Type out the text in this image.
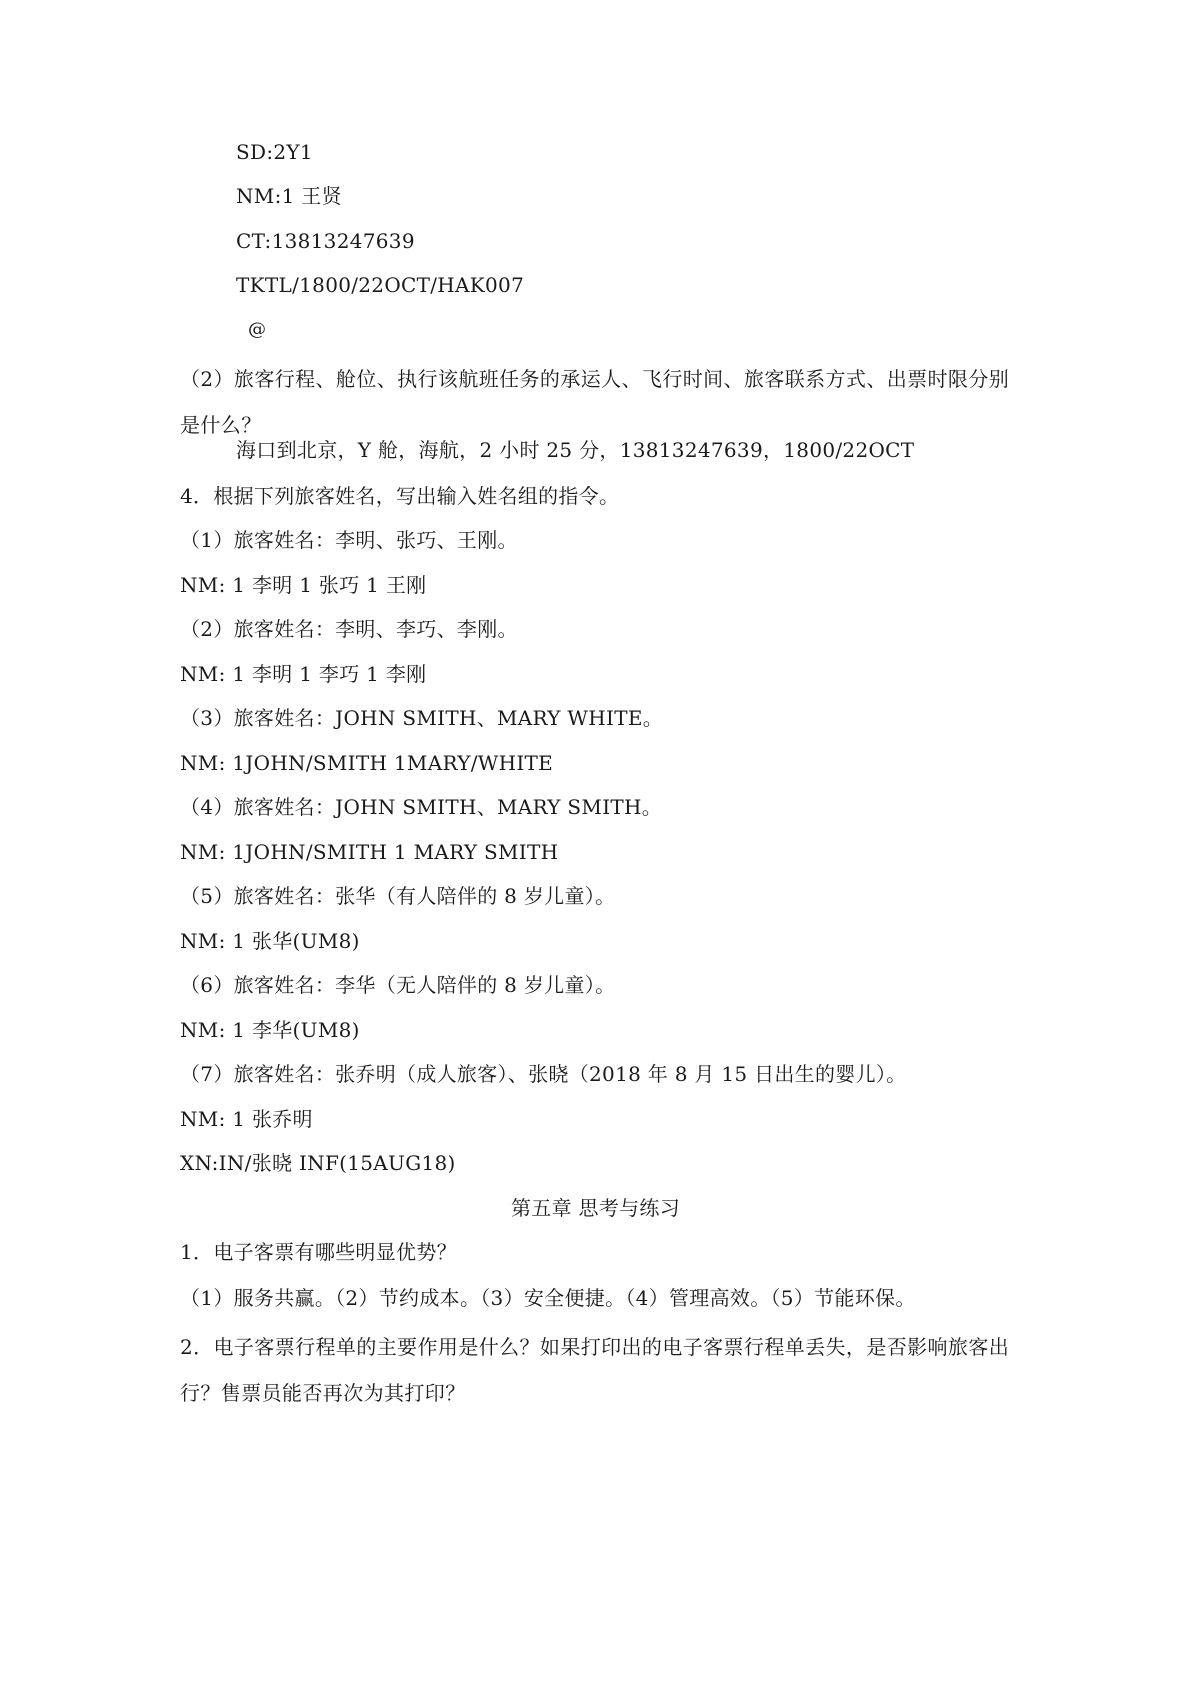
SD:2Y1

NM:1 王贤

CT:13813247639

TKTL/1800/22OCT/HAK007

@

（2）旅客行程、舱位、执行该航班任务的承运人、飞行时间、旅客联系方式、出票时限分别是什么？

海口到北京，Y 舱，海航，2 小时 25 分，13813247639，1800/22OCT

4．根据下列旅客姓名，写出输入姓名组的指令。

（1）旅客姓名：李明、张巧、王刚。

NM: 1 李明 1 张巧 1 王刚

（2）旅客姓名：李明、李巧、李刚。

NM: 1 李明 1 李巧 1 李刚

（3）旅客姓名：JOHN SMITH、MARY WHITE。

NM: 1JOHN/SMITH 1MARY/WHITE

（4）旅客姓名：JOHN SMITH、MARY SMITH。

NM: 1JOHN/SMITH 1 MARY SMITH

（5）旅客姓名：张华（有人陪伴的 8 岁儿童）。

NM: 1 张华(UM8)

（6）旅客姓名：李华（无人陪伴的 8 岁儿童）。

NM: 1 李华(UM8)

（7）旅客姓名：张乔明（成人旅客）、张晓（2018 年 8 月 15 日出生的婴儿）。

NM: 1 张乔明

XN:IN/张晓 INF(15AUG18)

第五章 思考与练习

1．电子客票有哪些明显优势？

（1）服务共赢。（2）节约成本。（3）安全便捷。（4）管理高效。（5）节能环保。

2．电子客票行程单的主要作用是什么？如果打印出的电子客票行程单丢失，是否影响旅客出行？售票员能否再次为其打印？
